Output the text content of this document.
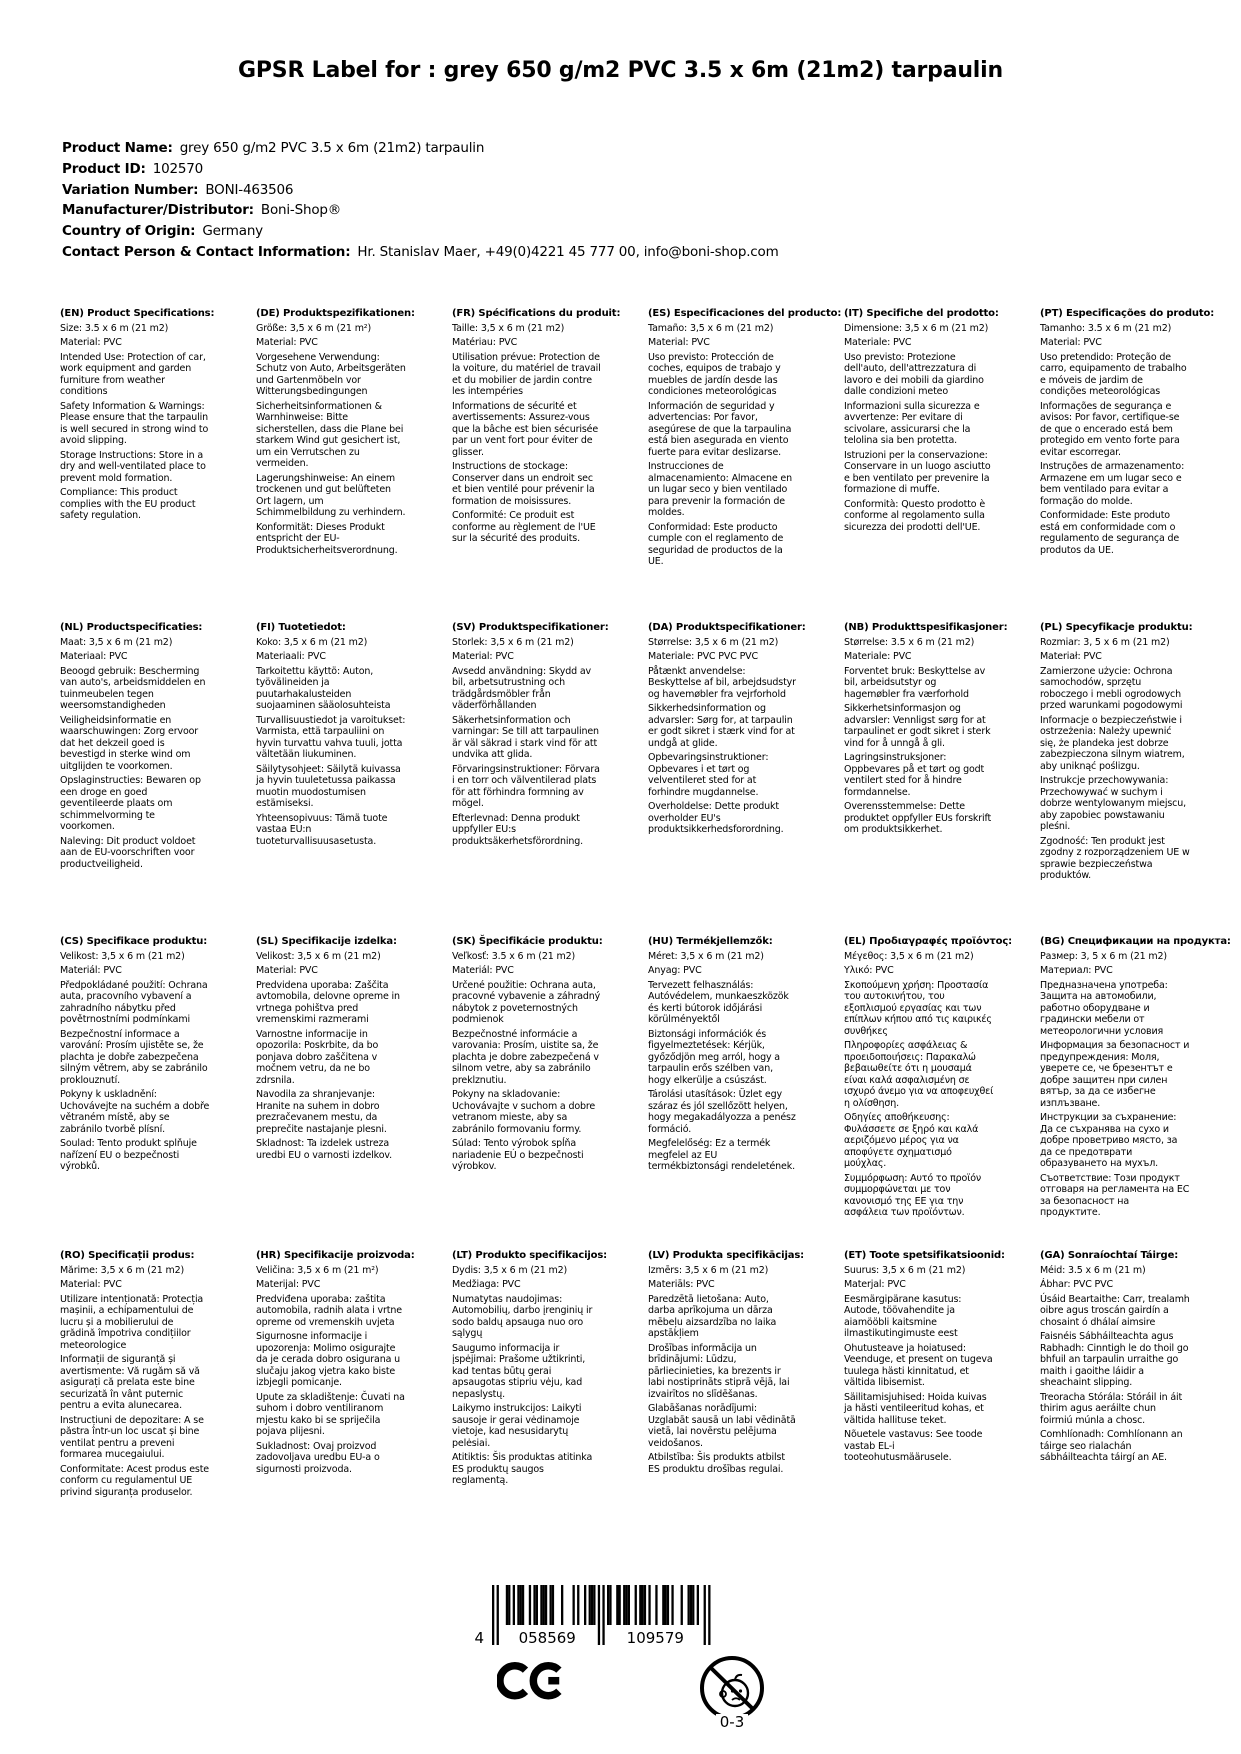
GPSR Label for : grey 650 g/m2 PVC 3.5 x 6m (21m2) tarpaulin
Product Name: grey 650 g/m2 PVC 3.5 x 6m (21m2) tarpaulin
Product ID: 102570
Variation Number: BONI-463506
Manufacturer/Distributor: Boni-Shop®
Country of Origin: Germany
Contact Person & Contact Information: Hr. Stanislav Maer, +49(0)4221 45 777 00, info@boni-shop.com
(EN) Product Specifications:
Size: 3.5 x 6 m (21 m2)
Material: PVC
Intended Use: Protection of car, work equipment and garden furniture from weather conditions
Safety Information & Warnings: Please ensure that the tarpaulin is well secured in strong wind to avoid slipping.
Storage Instructions: Store in a dry and well-ventilated place to prevent mold formation.
Compliance: This product complies with the EU product safety regulation.
(DE) Produktspezifikationen:
Größe: 3,5 x 6 m (21 m²)
Material: PVC
Vorgesehene Verwendung: Schutz von Auto, Arbeitsgeräten und Gartenmöbeln vor Witterungsbedingungen
Sicherheitsinformationen & Warnhinweise: Bitte sicherstellen, dass die Plane bei starkem Wind gut gesichert ist, um ein Verrutschen zu vermeiden.
Lagerungshinweise: An einem trockenen und gut belüfteten Ort lagern, um Schimmelbildung zu verhindern.
Konformität: Dieses Produkt entspricht der EU-Produktsicherheitsverordnung.
(FR) Spécifications du produit:
Taille: 3,5 x 6 m (21 m2)
Matériau: PVC
Utilisation prévue: Protection de la voiture, du matériel de travail et du mobilier de jardin contre les intempéries
Informations de sécurité et avertissements: Assurez-vous que la bâche est bien sécurisée par un vent fort pour éviter de glisser.
Instructions de stockage: Conserver dans un endroit sec et bien ventilé pour prévenir la formation de moisissures.
Conformité: Ce produit est conforme au règlement de l'UE sur la sécurité des produits.
(ES) Especificaciones del producto:
Tamaño: 3,5 x 6 m (21 m2)
Material: PVC
Uso previsto: Protección de coches, equipos de trabajo y muebles de jardín desde las condiciones meteorológicas
Información de seguridad y advertencias: Por favor, asegúrese de que la tarpaulina está bien asegurada en viento fuerte para evitar deslizarse.
Instrucciones de almacenamiento: Almacene en un lugar seco y bien ventilado para prevenir la formación de moldes.
Conformidad: Este producto cumple con el reglamento de seguridad de productos de la UE.
(IT) Specifiche del prodotto:
Dimensione: 3,5 x 6 m (21 m2)
Materiale: PVC
Uso previsto: Protezione dell'auto, dell'attrezzatura di lavoro e dei mobili da giardino dalle condizioni meteo
Informazioni sulla sicurezza e avvertenze: Per evitare di scivolare, assicurarsi che la telolina sia ben protetta.
Istruzioni per la conservazione: Conservare in un luogo asciutto e ben ventilato per prevenire la formazione di muffe.
Conformità: Questo prodotto è conforme al regolamento sulla sicurezza dei prodotti dell'UE.
(PT) Especificações do produto:
Tamanho: 3.5 x 6 m (21 m2)
Material: PVC
Uso pretendido: Proteção de carro, equipamento de trabalho e móveis de jardim de condições meteorológicas
Informações de segurança e avisos: Por favor, certifique-se de que o encerado está bem protegido em vento forte para evitar escorregar.
Instruções de armazenamento: Armazene em um lugar seco e bem ventilado para evitar a formação do molde.
Conformidade: Este produto está em conformidade com o regulamento de segurança de produtos da UE.
(NL) Productspecificaties:
Maat: 3,5 x 6 m (21 m2)
Materiaal: PVC
Beoogd gebruik: Bescherming van auto's, arbeidsmiddelen en tuinmeubelen tegen weersomstandigheden
Veiligheidsinformatie en waarschuwingen: Zorg ervoor dat het dekzeil goed is bevestigd in sterke wind om uitglijden te voorkomen.
Opslaginstructies: Bewaren op een droge en goed geventileerde plaats om schimmelvorming te voorkomen.
Naleving: Dit product voldoet aan de EU-voorschriften voor productveiligheid.
(FI) Tuotetiedot:
Koko: 3,5 x 6 m (21 m2)
Materiaali: PVC
Tarkoitettu käyttö: Auton, työvälineiden ja puutarhakalusteiden suojaaminen sääolosuhteista
Turvallisuustiedot ja varoitukset: Varmista, että tarpauliini on hyvin turvattu vahva tuuli, jotta vältetään liukuminen.
Säilytysohjeet: Säilytä kuivassa ja hyvin tuuletetussa paikassa muotin muodostumisen estämiseksi.
Yhteensopivuus: Tämä tuote vastaa EU:n tuoteturvallisuusasetusta.
(SV) Produktspecifikationer:
Storlek: 3,5 x 6 m (21 m2)
Material: PVC
Avsedd användning: Skydd av bil, arbetsutrustning och trädgårdsmöbler från väderförhållanden
Säkerhetsinformation och varningar: Se till att tarpaulinen är väl säkrad i stark vind för att undvika att glida.
Förvaringsinstruktioner: Förvara i en torr och välventilerad plats för att förhindra formning av mögel.
Efterlevnad: Denna produkt uppfyller EU:s produktsäkerhetsförordning.
(DA) Produktspecifikationer:
Størrelse: 3,5 x 6 m (21 m2)
Materiale: PVC PVC PVC
Påtænkt anvendelse: Beskyttelse af bil, arbejdsudstyr og havemøbler fra vejrforhold
Sikkerhedsinformation og advarsler: Sørg for, at tarpaulin er godt sikret i stærk vind for at undgå at glide.
Opbevaringsinstruktioner: Opbevares i et tørt og velventileret sted for at forhindre mugdannelse.
Overholdelse: Dette produkt overholder EU's produktsikkerhedsforordning.
(NB) Produkttspesifikasjoner:
Størrelse: 3.5 x 6 m (21 m2)
Materiale: PVC
Forventet bruk: Beskyttelse av bil, arbeidsutstyr og hagemøbler fra værforhold
Sikkerhetsinformasjon og advarsler: Vennligst sørg for at tarpaulinet er godt sikret i sterk vind for å unngå å gli.
Lagringsinstruksjoner: Oppbevares på et tørt og godt ventilert sted for å hindre formdannelse.
Overensstemmelse: Dette produktet oppfyller EUs forskrift om produktsikkerhet.
(PL) Specyfikacje produktu:
Rozmiar: 3, 5 x 6 m (21 m2)
Materiał: PVC
Zamierzone użycie: Ochrona samochodów, sprzętu roboczego i mebli ogrodowych przed warunkami pogodowymi
Informacje o bezpieczeństwie i ostrzeżenia: Należy upewnić się, że plandeka jest dobrze zabezpieczona silnym wiatrem, aby uniknąć poślizgu.
Instrukcje przechowywania: Przechowywać w suchym i dobrze wentylowanym miejscu, aby zapobiec powstawaniu pleśni.
Zgodność: Ten produkt jest zgodny z rozporządzeniem UE w sprawie bezpieczeństwa produktów.
(CS) Specifikace produktu:
Velikost: 3,5 x 6 m (21 m2)
Materiál: PVC
Předpokládané použití: Ochrana auta, pracovního vybavení a zahradního nábytku před povětrnostními podmínkami
Bezpečnostní informace a varování: Prosím ujistěte se, že plachta je dobře zabezpečena silným větrem, aby se zabránilo proklouznutí.
Pokyny k uskladnění: Uchovávejte na suchém a dobře větraném místě, aby se zabránilo tvorbě plísní.
Soulad: Tento produkt splňuje nařízení EU o bezpečnosti výrobků.
(SL) Specifikacije izdelka:
Velikost: 3,5 x 6 m (21 m2)
Material: PVC
Predvidena uporaba: Zaščita avtomobila, delovne opreme in vrtnega pohištva pred vremenskimi razmerami
Varnostne informacije in opozorila: Poskrbite, da bo ponjava dobro zaščitena v močnem vetru, da ne bo zdrsnila.
Navodila za shranjevanje: Hranite na suhem in dobro prezračevanem mestu, da preprečite nastajanje plesni.
Skladnost: Ta izdelek ustreza uredbi EU o varnosti izdelkov.
(SK) Špecifikácie produktu:
Veľkosť: 3.5 x 6 m (21 m2)
Materiál: PVC
Určené použitie: Ochrana auta, pracovné vybavenie a záhradný nábytok z poveternostných podmienok
Bezpečnostné informácie a varovania: Prosím, uistite sa, že plachta je dobre zabezpečená v silnom vetre, aby sa zabránilo preklznutiu.
Pokyny na skladovanie: Uchovávajte v suchom a dobre vetranom mieste, aby sa zabránilo formovaniu formy.
Súlad: Tento výrobok spĺňa nariadenie EÚ o bezpečnosti výrobkov.
(HU) Termékjellemzők:
Méret: 3,5 x 6 m (21 m2)
Anyag: PVC
Tervezett felhasználás: Autóvédelem, munkaeszközök és kerti bútorok időjárási körülményektől
Biztonsági információk és figyelmeztetések: Kérjük, győződjön meg arról, hogy a tarpaulin erős szélben van, hogy elkerülje a csúszást.
Tárolási utasítások: Üzlet egy száraz és jól szellőzött helyen, hogy megakadályozza a penész formáció.
Megfelelőség: Ez a termék megfelel az EU termékbiztonsági rendeletének.
(EL) Προδιαγραφές προϊόντος:
Μέγεθος: 3,5 x 6 m (21 m2)
Υλικό: PVC
Σκοπούμενη χρήση: Προστασία του αυτοκινήτου, του εξοπλισμού εργασίας και των επίπλων κήπου από τις καιρικές συνθήκες
Πληροφορίες ασφάλειας & προειδοποιήσεις: Παρακαλώ βεβαιωθείτε ότι η μουσαμά είναι καλά ασφαλισμένη σε ισχυρό άνεμο για να αποφευχθεί η ολίσθηση.
Οδηγίες αποθήκευσης: Φυλάσσετε σε ξηρό και καλά αεριζόμενο μέρος για να αποφύγετε σχηματισμό μούχλας.
Συμμόρφωση: Αυτό το προϊόν συμμορφώνεται με τον κανονισμό της ΕΕ για την ασφάλεια των προϊόντων.
(BG) Спецификации на продукта:
Размер: 3, 5 x 6 m (21 m2)
Материал: PVC
Предназначена употреба: Защита на автомобили, работно оборудване и градински мебели от метеорологични условия
Информация за безопасност и предупреждения: Моля, уверете се, че брезентът е добре защитен при силен вятър, за да се избегне изплъзване.
Инструкции за съхранение: Да се съхранява на сухо и добре проветриво място, за да се предотврати образуването на мухъл.
Съответствие: Този продукт отговаря на регламента на ЕС за безопасност на продуктите.
(RO) Specificații produs:
Mărime: 3,5 x 6 m (21 m2)
Material: PVC
Utilizare intenționată: Protecția mașinii, a echipamentului de lucru și a mobilierului de grădină împotriva condițiilor meteorologice
Informații de siguranță și avertismente: Vă rugăm să vă asigurați că prelata este bine securizată în vânt puternic pentru a evita alunecarea.
Instrucțiuni de depozitare: A se păstra într-un loc uscat și bine ventilat pentru a preveni formarea mucegaiului.
Conformitate: Acest produs este conform cu regulamentul UE privind siguranța produselor.
(HR) Specifikacije proizvoda:
Veličina: 3,5 x 6 m (21 m²)
Materijal: PVC
Predviđena uporaba: zaštita automobila, radnih alata i vrtne opreme od vremenskih uvjeta
Sigurnosne informacije i upozorenja: Molimo osigurajte da je cerada dobro osigurana u slučaju jakog vjetra kako biste izbjegli pomicanje.
Upute za skladištenje: Čuvati na suhom i dobro ventiliranom mjestu kako bi se spriječila pojava plijesni.
Sukladnost: Ovaj proizvod zadovoljava uredbu EU-a o sigurnosti proizvoda.
(LT) Produkto specifikacijos:
Dydis: 3,5 x 6 m (21 m2)
Medžiaga: PVC
Numatytas naudojimas: Automobilių, darbo įrenginių ir sodo baldų apsauga nuo oro sąlygų
Saugumo informacija ir įspėjimai: Prašome užtikrinti, kad tentas būtų gerai apsaugotas stipriu vėju, kad nepaslystų.
Laikymo instrukcijos: Laikyti sausoje ir gerai vėdinamoje vietoje, kad nesusidarytų pelėsiai.
Atitiktis: Šis produktas atitinka ES produktų saugos reglamentą.
(LV) Produkta specifikācijas:
Izmērs: 3,5 x 6 m (21 m2)
Materiāls: PVC
Paredzētā lietošana: Auto, darba aprīkojuma un dārza mēbeļu aizsardzība no laika apstākļiem
Drošības informācija un brīdinājumi: Lūdzu, pārliecinieties, ka brezents ir labi nostiprināts stiprā vējā, lai izvairītos no slīdēšanas.
Glabāšanas norādījumi: Uzglabāt sausā un labi vēdinātā vietā, lai novērstu pelējuma veidošanos.
Atbilstība: Šis produkts atbilst ES produktu drošības regulai.
(ET) Toote spetsifikatsioonid:
Suurus: 3,5 x 6 m (21 m2)
Materjal: PVC
Eesmärgipärane kasutus: Autode, töövahendite ja aiamööbli kaitsmine ilmastikutingimuste eest
Ohutusteave ja hoiatused: Veenduge, et present on tugeva tuulega hästi kinnitatud, et vältida libisemist.
Säilitamisjuhised: Hoida kuivas ja hästi ventileeritud kohas, et vältida hallituse teket.
Nõuetele vastavus: See toode vastab EL-i tooteohutusmäärusele.
(GA) Sonraíochtaí Táirge:
Méid: 3.5 x 6 m (21 m)
Ábhar: PVC PVC
Úsáid Beartaithe: Carr, trealamh oibre agus troscán gairdín a chosaint ó dhálaí aimsire
Faisnéis Sábháilteachta agus Rabhadh: Cinntigh le do thoil go bhfuil an tarpaulin urraithe go maith i gaoithe láidir a sheachaint slipping.
Treoracha Stórála: Stóráil in áit thirim agus aeráilte chun foirmiú múnla a chosc.
Comhlíonadh: Comhlíonann an táirge seo rialachán sábháilteachta táirgí an AE.
4 058569	109579
0-3
